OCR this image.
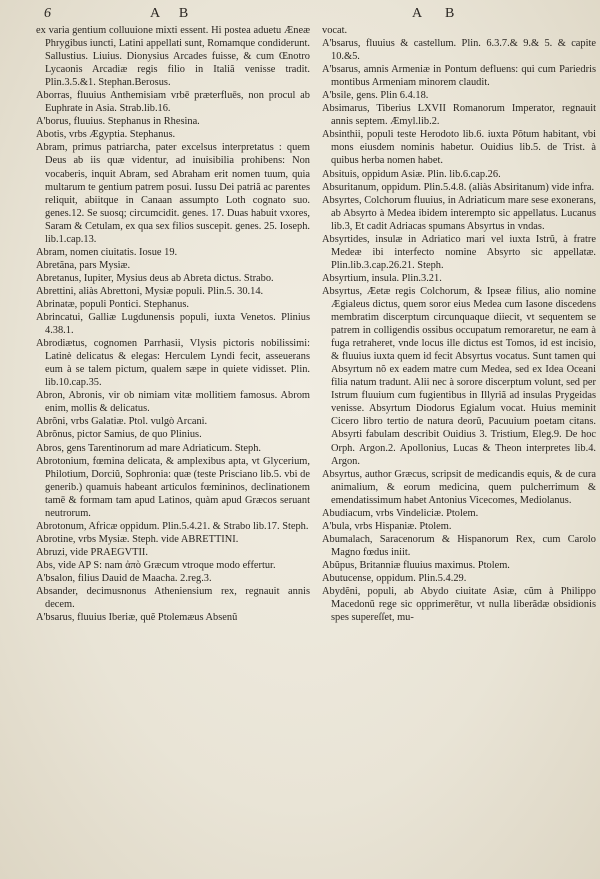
6	A B	A B

ex varia gentium colluuione mixti essent. Hi postea aduetu Æneæ Phrygibus iuncti, Latini appellati sunt, Romamque condiderunt. Sallustius. Liuius. Dionysius Arcades fuisse, & cum Œnotro Lycaonis Arcadiæ regis filio in Italiã venisse tradit. Plin.3.5.&1. Stephan.Berosus.

Aborras, fluuius Anthemisiam vrbē præterfluēs, non procul ab Euphrate in Asia. Strab.lib.16.

A'borus, fluuius. Stephanus in Rhesina.

Abotis, vrbs Ægyptia. Stephanus.

Abram, primus patriarcha, pater excelsus interpretatus : quem Deus ab iis quæ videntur, ad inuisibilia prohibens: Non vocaberis, inquit Abram, sed Abraham erit nomen tuum, quia multarum te gentium patrem posui. Iussu Dei patriã ac parentes reliquit, abiitque in Canaan assumpto Loth cognato suo. genes.12. Se suosq; circumcidit. genes. 17. Duas habuit vxores, Saram & Cetulam, ex qua sex filios suscepit. genes. 25. Ioseph. lib.1.cap.13.

Abram, nomen ciuitatis. Iosue 19.

Abretãna, pars Mysiæ.

Abretanus, Iupiter, Mysius deus ab Abreta dictus. Strabo.

Abrettini, aliàs Abrettoni, Mysiæ populi. Plin.5. 30.14.

Abrinatæ, populi Pontici. Stephanus.

Abrincatui, Galliæ Lugdunensis populi, iuxta Venetos. Plinius 4.38.1.

Abrodiætus, cognomen Parrhasii, Vlysis pictoris nobilissimi: Latinè delicatus & elegas: Herculem Lyndi fecit, asseuerans eum à se talem pictum, qualem sæpe in quiete vidisset. Plin. lib.10.cap.35.

Abron, Abronis, vir ob nimiam vitæ mollitiem famosus. Abrom enim, mollis & delicatus.

Abrõni, vrbs Galatiæ. Ptol. vulgò Arcani.

Abrõnus, pictor Samius, de quo Plinius.

Abros, gens Tarentinorum ad mare Adriaticum. Steph.

Abrotonium, fœmina delicata, & amplexibus apta, vt Glycerium, Philotium, Dorciũ, Sophronia: quæ (teste Prisciano lib.5. vbi de generib.) quamuis habeant articulos fœmininos, declinationem tamē & formam tam apud Latinos, quàm apud Græcos seruant neutrorum.

Abrotonum, Africæ oppidum. Plin.5.4.21. & Strabo lib.17. Steph.

Abrotine, vrbs Mysiæ. Steph. vide ABRETTINI.

Abruzi, vide PRAEGVTII.

Abs, vide AP S: nam ἀπὸ Græcum vtroque modo effertur.

A'bsalon, filius Dauid de Maacha. 2.reg.3.

Absander, decimusnonus Atheniensium rex, regnauit annis decem.

A'bsarus, fluuius Iberiæ, quẽ Ptolemæus Absenũ

vocat.

A'bsarus, fluuius & castellum. Plin. 6.3.7.& 9.& 5. & capite 10.&5.

A'bsarus, amnis Armeniæ in Pontum defluens: qui cum Pariedris montibus Armeniam minorem claudit.

A'bsile, gens. Plin 6.4.18.

Absimarus, Tiberius LXVII Romanorum Imperator, regnauit annis septem. Æmyl.lib.2.

Absinthii, populi teste Herodoto lib.6. iuxta Põtum habitant, vbi mons eiusdem nominis habetur. Ouidius lib.5. de Trist. à quibus herba nomen habet.

Absituis, oppidum Asiæ. Plin. lib.6.cap.26.

Absuritanum, oppidum. Plin.5.4.8. (aliàs Absiritanum) vide infra.

Absyrtes, Colchorum fluuius, in Adriaticum mare sese exonerans, ab Absyrto à Medea ibidem interempto sic appellatus. Lucanus lib.3, Et cadit Adriacas spumans Absyrtus in vndas.

Absyrtides, insulæ in Adriatico mari vel iuxta Istrũ, à fratre Medeæ ibi interfecto nomine Absyrto sic appellatæ. Plin.lib.3.cap.26.21. Steph.

Absyrtium, insula. Plin.3.21.

Absyrtus, Æetæ regis Colchorum, & Ipseæ filius, alio nomine Ægialeus dictus, quem soror eius Medea cum Iasone discedens membratim discerptum circunquaque diiecit, vt sequentem se patrem in colligendis ossibus occupatum remoraretur, ne eam à fuga retraheret, vnde locus ille dictus est Tomos, id est incisio, & fluuius iuxta quem id fecit Absyrtus vocatus. Sunt tamen qui Absyrtum nõ ex eadem matre cum Medea, sed ex Idea Oceani filia natum tradunt. Alii nec à sorore discerptum volunt, sed per Istrum fluuium cum fugientibus in Illyriã ad insulas Prygeidas venisse. Absyrtum Diodorus Egialum vocat. Huius meminit Cicero libro tertio de natura deorũ, Pacuuium poetam citans. Absyrti fabulam describit Ouidius 3. Tristium, Eleg.9. De hoc Orph. Argon.2. Apollonius, Lucas & Theon interpretes lib.4. Argon.

Absyrtus, author Græcus, scripsit de medicandis equis, & de cura animalium, & eorum medicina, quem pulcherrimum & emendatissimum habet Antonius Vicecomes, Mediolanus.

Abudiacum, vrbs Vindeliciæ. Ptolem.

A'bula, vrbs Hispaniæ. Ptolem.

Abumalach, Saracenorum & Hispanorum Rex, cum Carolo Magno fœdus iniit.

Abũpus, Britanniæ fluuius maximus. Ptolem.

Abutucense, oppidum. Plin.5.4.29.

Abydẽni, populi, ab Abydo ciuitate Asiæ, cũm à Philippo Macedonũ rege sic opprimerētur, vt nulla liberãdæ obsidionis spes supereſſet, mu-
